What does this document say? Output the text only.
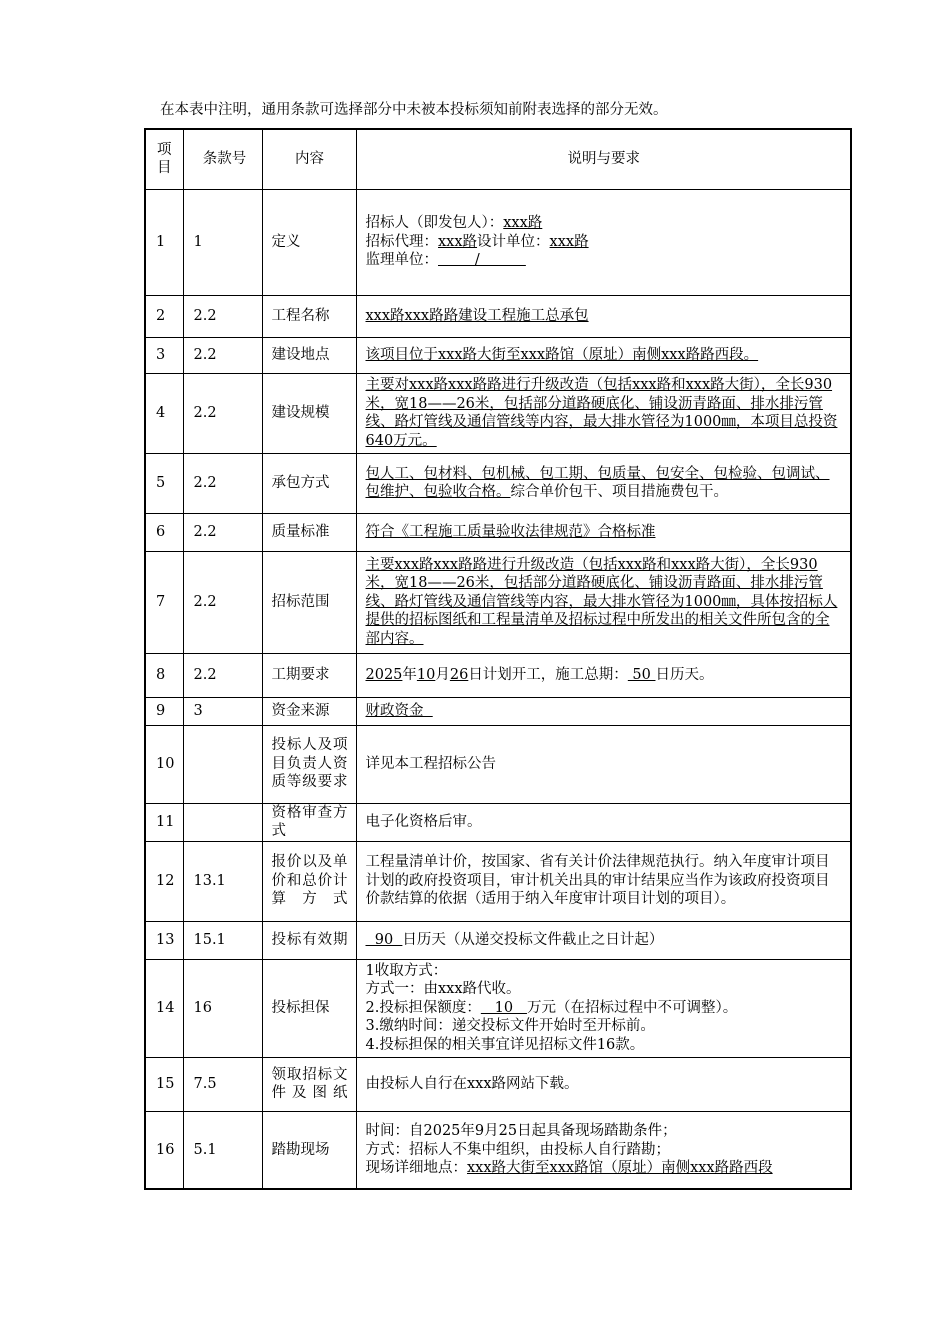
在本表中注明，通用条款可选择部分中未被本投标须知前附表选择的部分无效。
项目	条款号	内容	说明与要求
1	1	定义	招标人（即发包人）：xxx路
招标代理：xxx路设计单位：xxx路
监理单位：        /

2	2.2	工程名称	xxx路xxx路路建设工程施工总承包
3	2.2	建设地点	该项目位于xxx路大街至xxx路馆（原址）南侧xxx路路西段。
4	2.2	建设规模	主要对xxx路xxx路路进行升级改造（包括xxx路和xxx路大街），全长930米，宽18——26米，包括部分道路硬底化、铺设沥青路面、排水排污管线、路灯管线及通信管线等内容，最大排水管径为1000㎜，本项目总投资640万元。
5	2.2	承包方式	包人工、包材料、包机械、包工期、包质量、包安全、包检验、包调试、包维护、包验收合格。综合单价包干、项目措施费包干。
6	2.2	质量标准	符合《工程施工质量验收法律规范》合格标准
7	2.2	招标范围	主要xxx路xxx路路进行升级改造（包括xxx路和xxx路大街），全长930米，宽18——26米，包括部分道路硬底化、铺设沥青路面、排水排污管线、路灯管线及通信管线等内容，最大排水管径为1000㎜，具体按招标人提供的招标图纸和工程量清单及招标过程中所发出的相关文件所包含的全部内容。
8	2.2	工期要求	2025年10月26日计划开工，施工总期： 50 日历天。
9	3	资金来源	财政资金
10		投标人及项目负责人资质等级要求	详见本工程招标公告
11		资格审查方式	电子化资格后审。
12	13.1	报价以及单价和总价计算方式	工程量清单计价，按国家、省有关计价法律规范执行。纳入年度审计项目计划的政府投资项目，审计机关出具的审计结果应当作为该政府投资项目价款结算的依据（适用于纳入年度审计项目计划的项目）。
13	15.1	投标有效期	90  日历天（从递交投标文件截止之日计起）
14	16	投标担保	1收取方式：
方式一：由xxx路代收。
2.投标担保额度：   10   万元（在招标过程中不可调整）。
3.缴纳时间：递交投标文件开始时至开标前。
4.投标担保的相关事宜详见招标文件16款。

15	7.5	领取招标文件及图纸	由投标人自行在xxx路网站下载。
16	5.1	踏勘现场	时间：自2025年9月25日起具备现场踏勘条件；
方式：招标人不集中组织，由投标人自行踏勘；
现场详细地点：xxx路大街至xxx路馆（原址）南侧xxx路路西段
